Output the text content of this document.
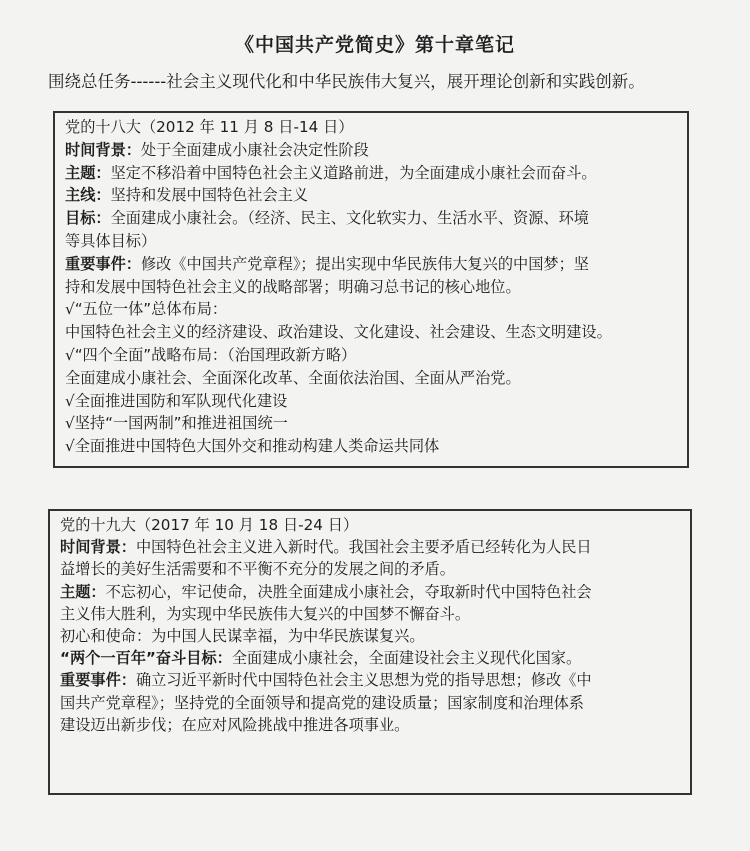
《中国共产党简史》第十章笔记
围绕总任务------社会主义现代化和中华民族伟大复兴，展开理论创新和实践创新。
党的十八大（2012 年 11 月 8 日-14 日）
时间背景：处于全面建成小康社会决定性阶段
主题：坚定不移沿着中国特色社会主义道路前进，为全面建成小康社会而奋斗。
主线：坚持和发展中国特色社会主义
目标：全面建成小康社会。（经济、民主、文化软实力、生活水平、资源、环境
等具体目标）
重要事件：修改《中国共产党章程》；提出实现中华民族伟大复兴的中国梦；坚
持和发展中国特色社会主义的战略部署；明确习总书记的核心地位。
√“五位一体”总体布局：
中国特色社会主义的经济建设、政治建设、文化建设、社会建设、生态文明建设。
√“四个全面”战略布局：（治国理政新方略）
全面建成小康社会、全面深化改革、全面依法治国、全面从严治党。
√全面推进国防和军队现代化建设
√坚持“一国两制”和推进祖国统一
√全面推进中国特色大国外交和推动构建人类命运共同体
党的十九大（2017 年 10 月 18 日-24 日）
时间背景：中国特色社会主义进入新时代。我国社会主要矛盾已经转化为人民日
益增长的美好生活需要和不平衡不充分的发展之间的矛盾。
主题：不忘初心，牢记使命，决胜全面建成小康社会，夺取新时代中国特色社会
主义伟大胜利，为实现中华民族伟大复兴的中国梦不懈奋斗。
初心和使命：为中国人民谋幸福，为中华民族谋复兴。
“两个一百年”奋斗目标：全面建成小康社会，全面建设社会主义现代化国家。
重要事件：确立习近平新时代中国特色社会主义思想为党的指导思想；修改《中
国共产党章程》；坚持党的全面领导和提高党的建设质量；国家制度和治理体系
建设迈出新步伐；在应对风险挑战中推进各项事业。
